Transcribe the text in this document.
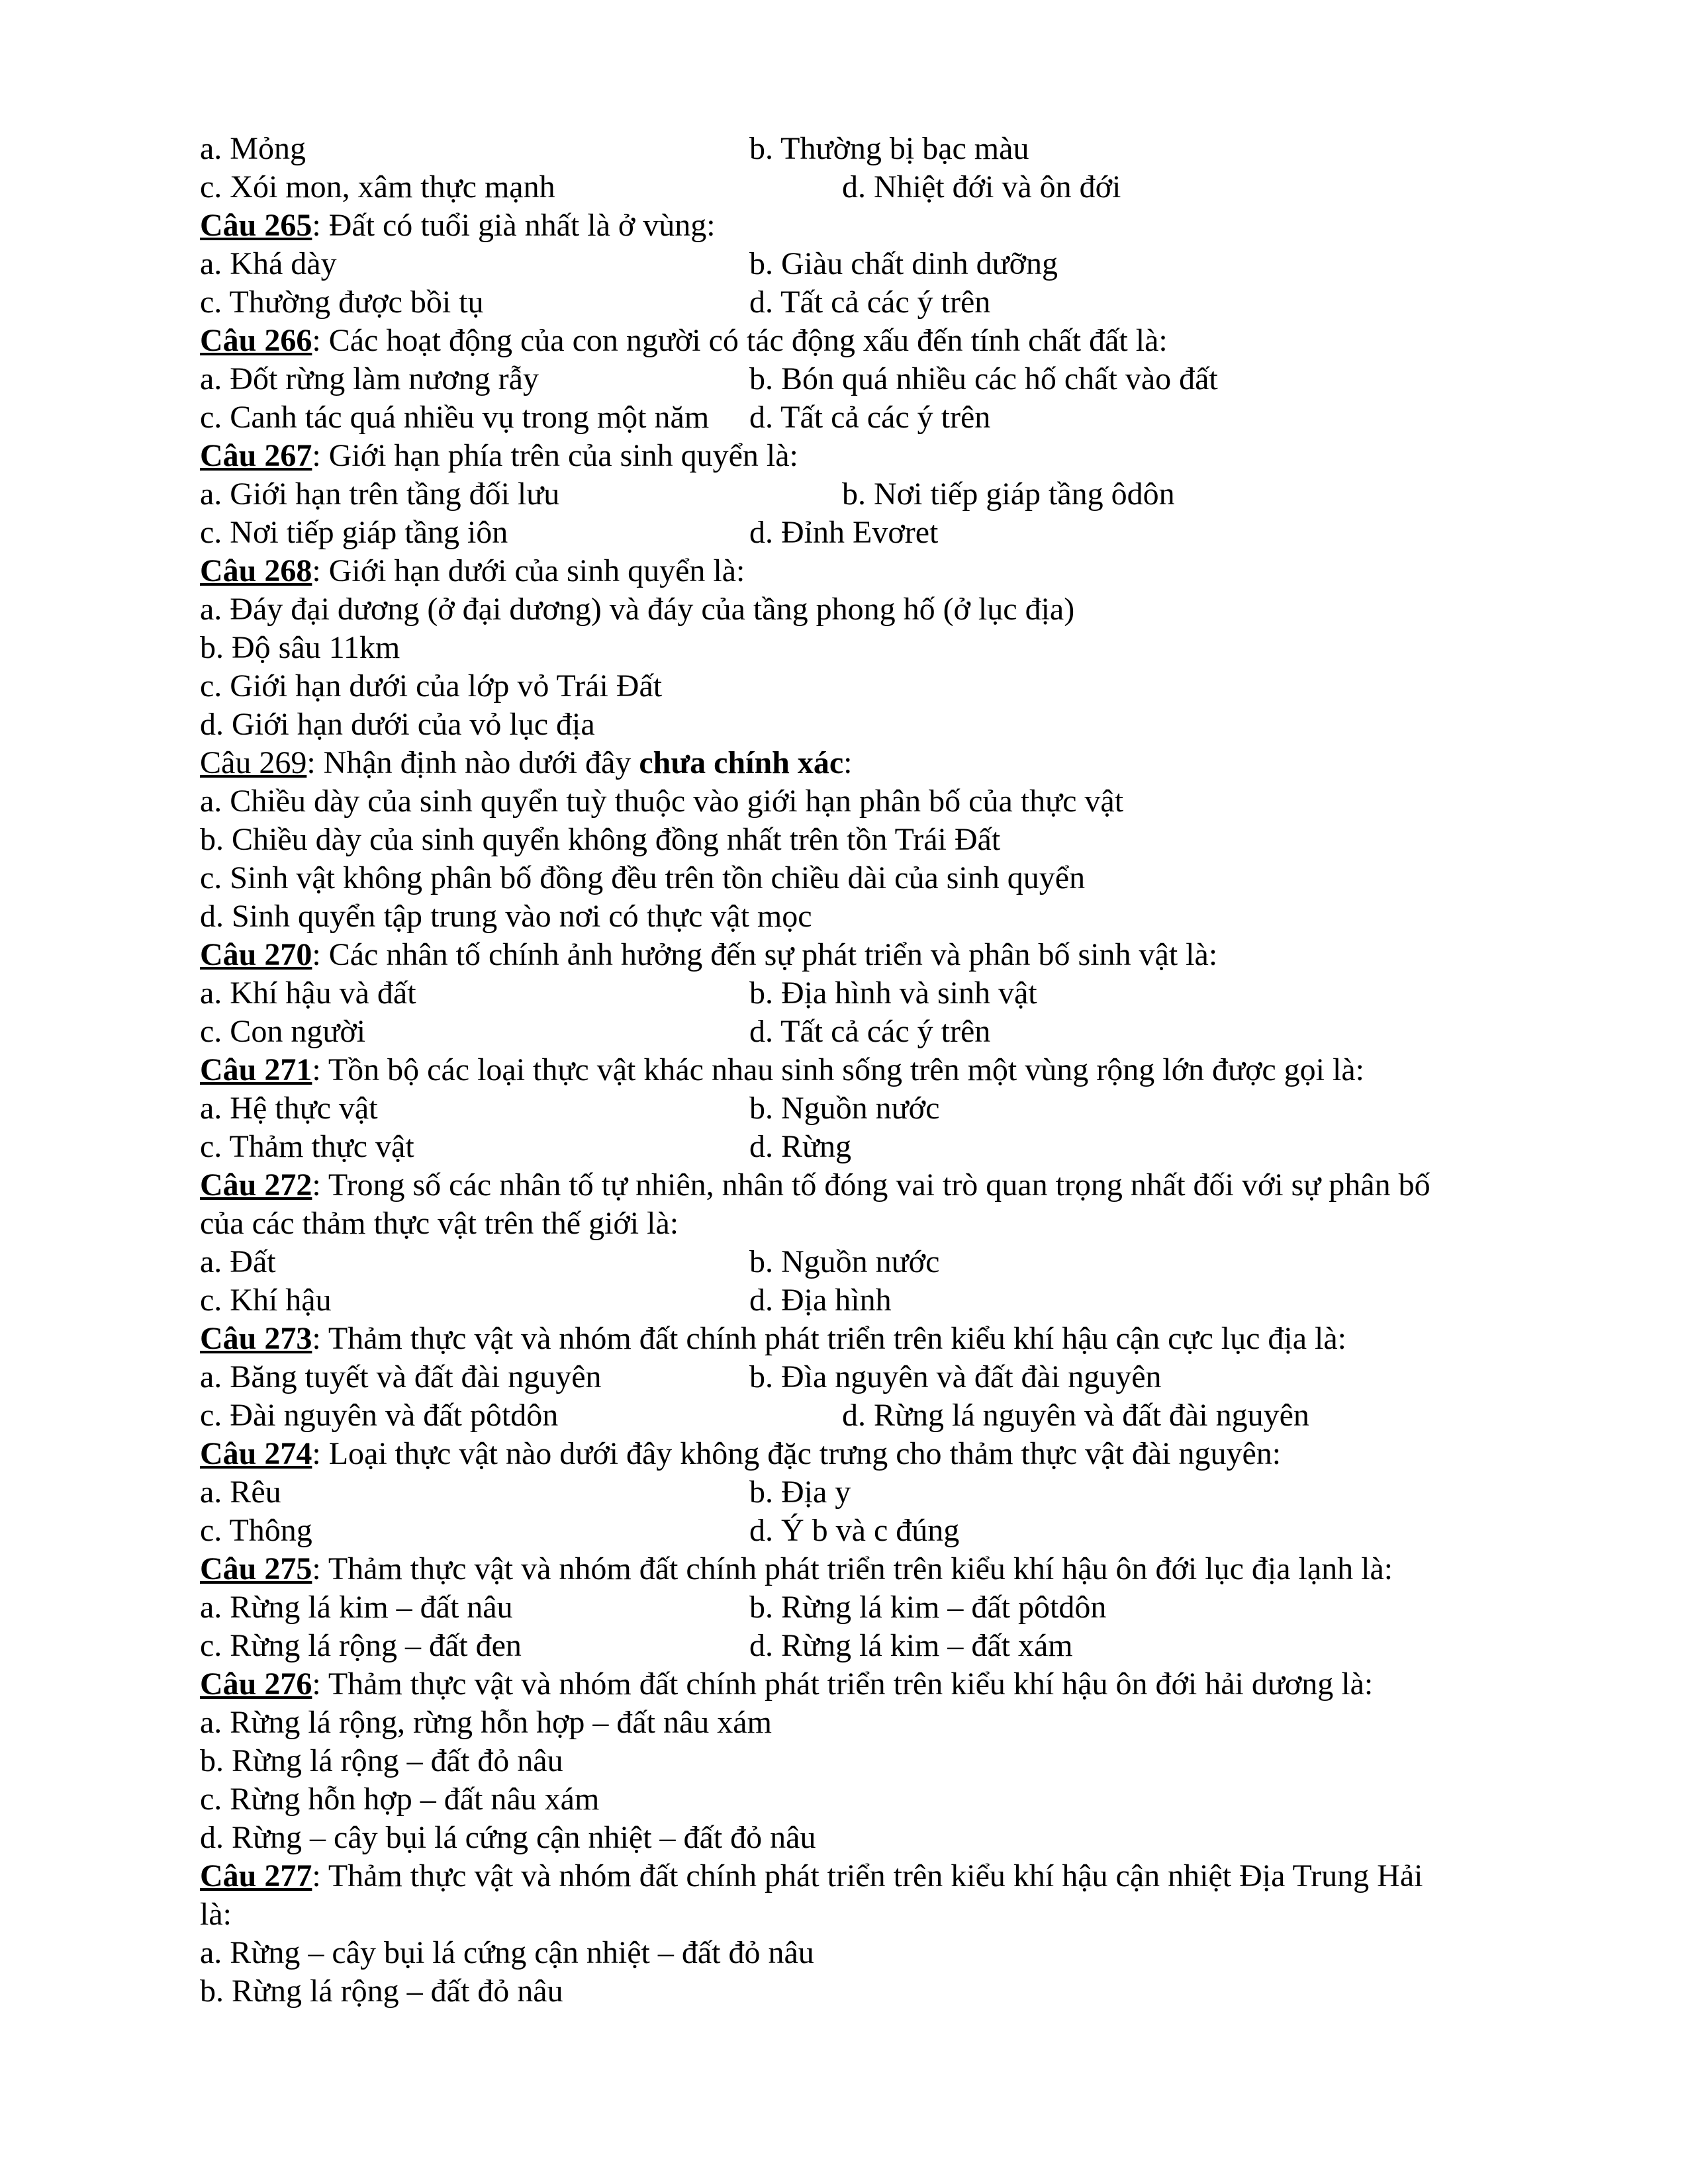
a. Mỏng	b. Thường bị bạc màu
c. Xói mon, xâm thực mạnh	d. Nhiệt đới và ôn đới
Câu 265: Đất có tuổi già nhất là ở vùng:
a. Khá dày	b. Giàu chất dinh dưỡng
c. Thường được bồi tụ	d. Tất cả các ý trên
Câu 266: Các hoạt động của con người có tác động xấu đến tính chất đất là:
a. Đốt rừng làm nương rẫy	b. Bón quá nhiều các hố chất vào đất
c. Canh tác quá nhiều vụ trong một năm d. Tất cả các ý trên
Câu 267: Giới hạn phía trên của sinh quyển là:
a. Giới hạn trên tầng đối lưu	b. Nơi tiếp giáp tầng ôdôn
c. Nơi tiếp giáp tầng iôn	d. Đỉnh Evơret
Câu 268: Giới hạn dưới của sinh quyển là:
a. Đáy đại dương (ở đại dương) và đáy của tầng phong hố (ở lục địa)
b. Độ sâu 11km
c. Giới hạn dưới của lớp vỏ Trái Đất
d. Giới hạn dưới của vỏ lục địa
Câu 269: Nhận định nào dưới đây chưa chính xác:
a. Chiều dày của sinh quyển tuỳ thuộc vào giới hạn phân bố của thực vật
b. Chiều dày của sinh quyển không đồng nhất trên tồn Trái Đất
c. Sinh vật không phân bố đồng đều trên tồn chiều dài của sinh quyển
d. Sinh quyển tập trung vào nơi có thực vật mọc
Câu 270: Các nhân tố chính ảnh hưởng đến sự phát triển và phân bố sinh vật là:
a. Khí hậu và đất	b. Địa hình và sinh vật
c. Con người	d. Tất cả các ý trên
Câu 271: Tồn bộ các loại thực vật khác nhau sinh sống trên một vùng rộng lớn được gọi là:
a. Hệ thực vật	b. Nguồn nước
c. Thảm thực vật	d. Rừng
Câu 272: Trong số các nhân tố tự nhiên, nhân tố đóng vai trò quan trọng nhất đối với sự phân bố
của các thảm thực vật trên thế giới là:
a. Đất	b. Nguồn nước
c. Khí hậu	d. Địa hình
Câu 273: Thảm thực vật và nhóm đất chính phát triển trên kiểu khí hậu cận cực lục địa là:
a. Băng tuyết và đất đài nguyên	b. Đìa nguyên và đất đài nguyên
c. Đài nguyên và đất pôtdôn	d. Rừng lá nguyên và đất đài nguyên
Câu 274: Loại thực vật nào dưới đây không đặc trưng cho thảm thực vật đài nguyên:
a. Rêu	b. Địa y
c. Thông	d. Ý b và c đúng
Câu 275: Thảm thực vật và nhóm đất chính phát triển trên kiểu khí hậu ôn đới lục địa lạnh là:
a. Rừng lá kim – đất nâu	b. Rừng lá kim – đất pôtdôn
c. Rừng lá rộng – đất đen	d. Rừng lá kim – đất xám
Câu 276: Thảm thực vật và nhóm đất chính phát triển trên kiểu khí hậu ôn đới hải dương là:
a. Rừng lá rộng, rừng hỗn hợp – đất nâu xám
b. Rừng lá rộng – đất đỏ nâu
c. Rừng hỗn hợp – đất nâu xám
d. Rừng – cây bụi lá cứng cận nhiệt – đất đỏ nâu
Câu 277: Thảm thực vật và nhóm đất chính phát triển trên kiểu khí hậu cận nhiệt Địa Trung Hải
là:
a. Rừng – cây bụi lá cứng cận nhiệt – đất đỏ nâu
b. Rừng lá rộng – đất đỏ nâu
